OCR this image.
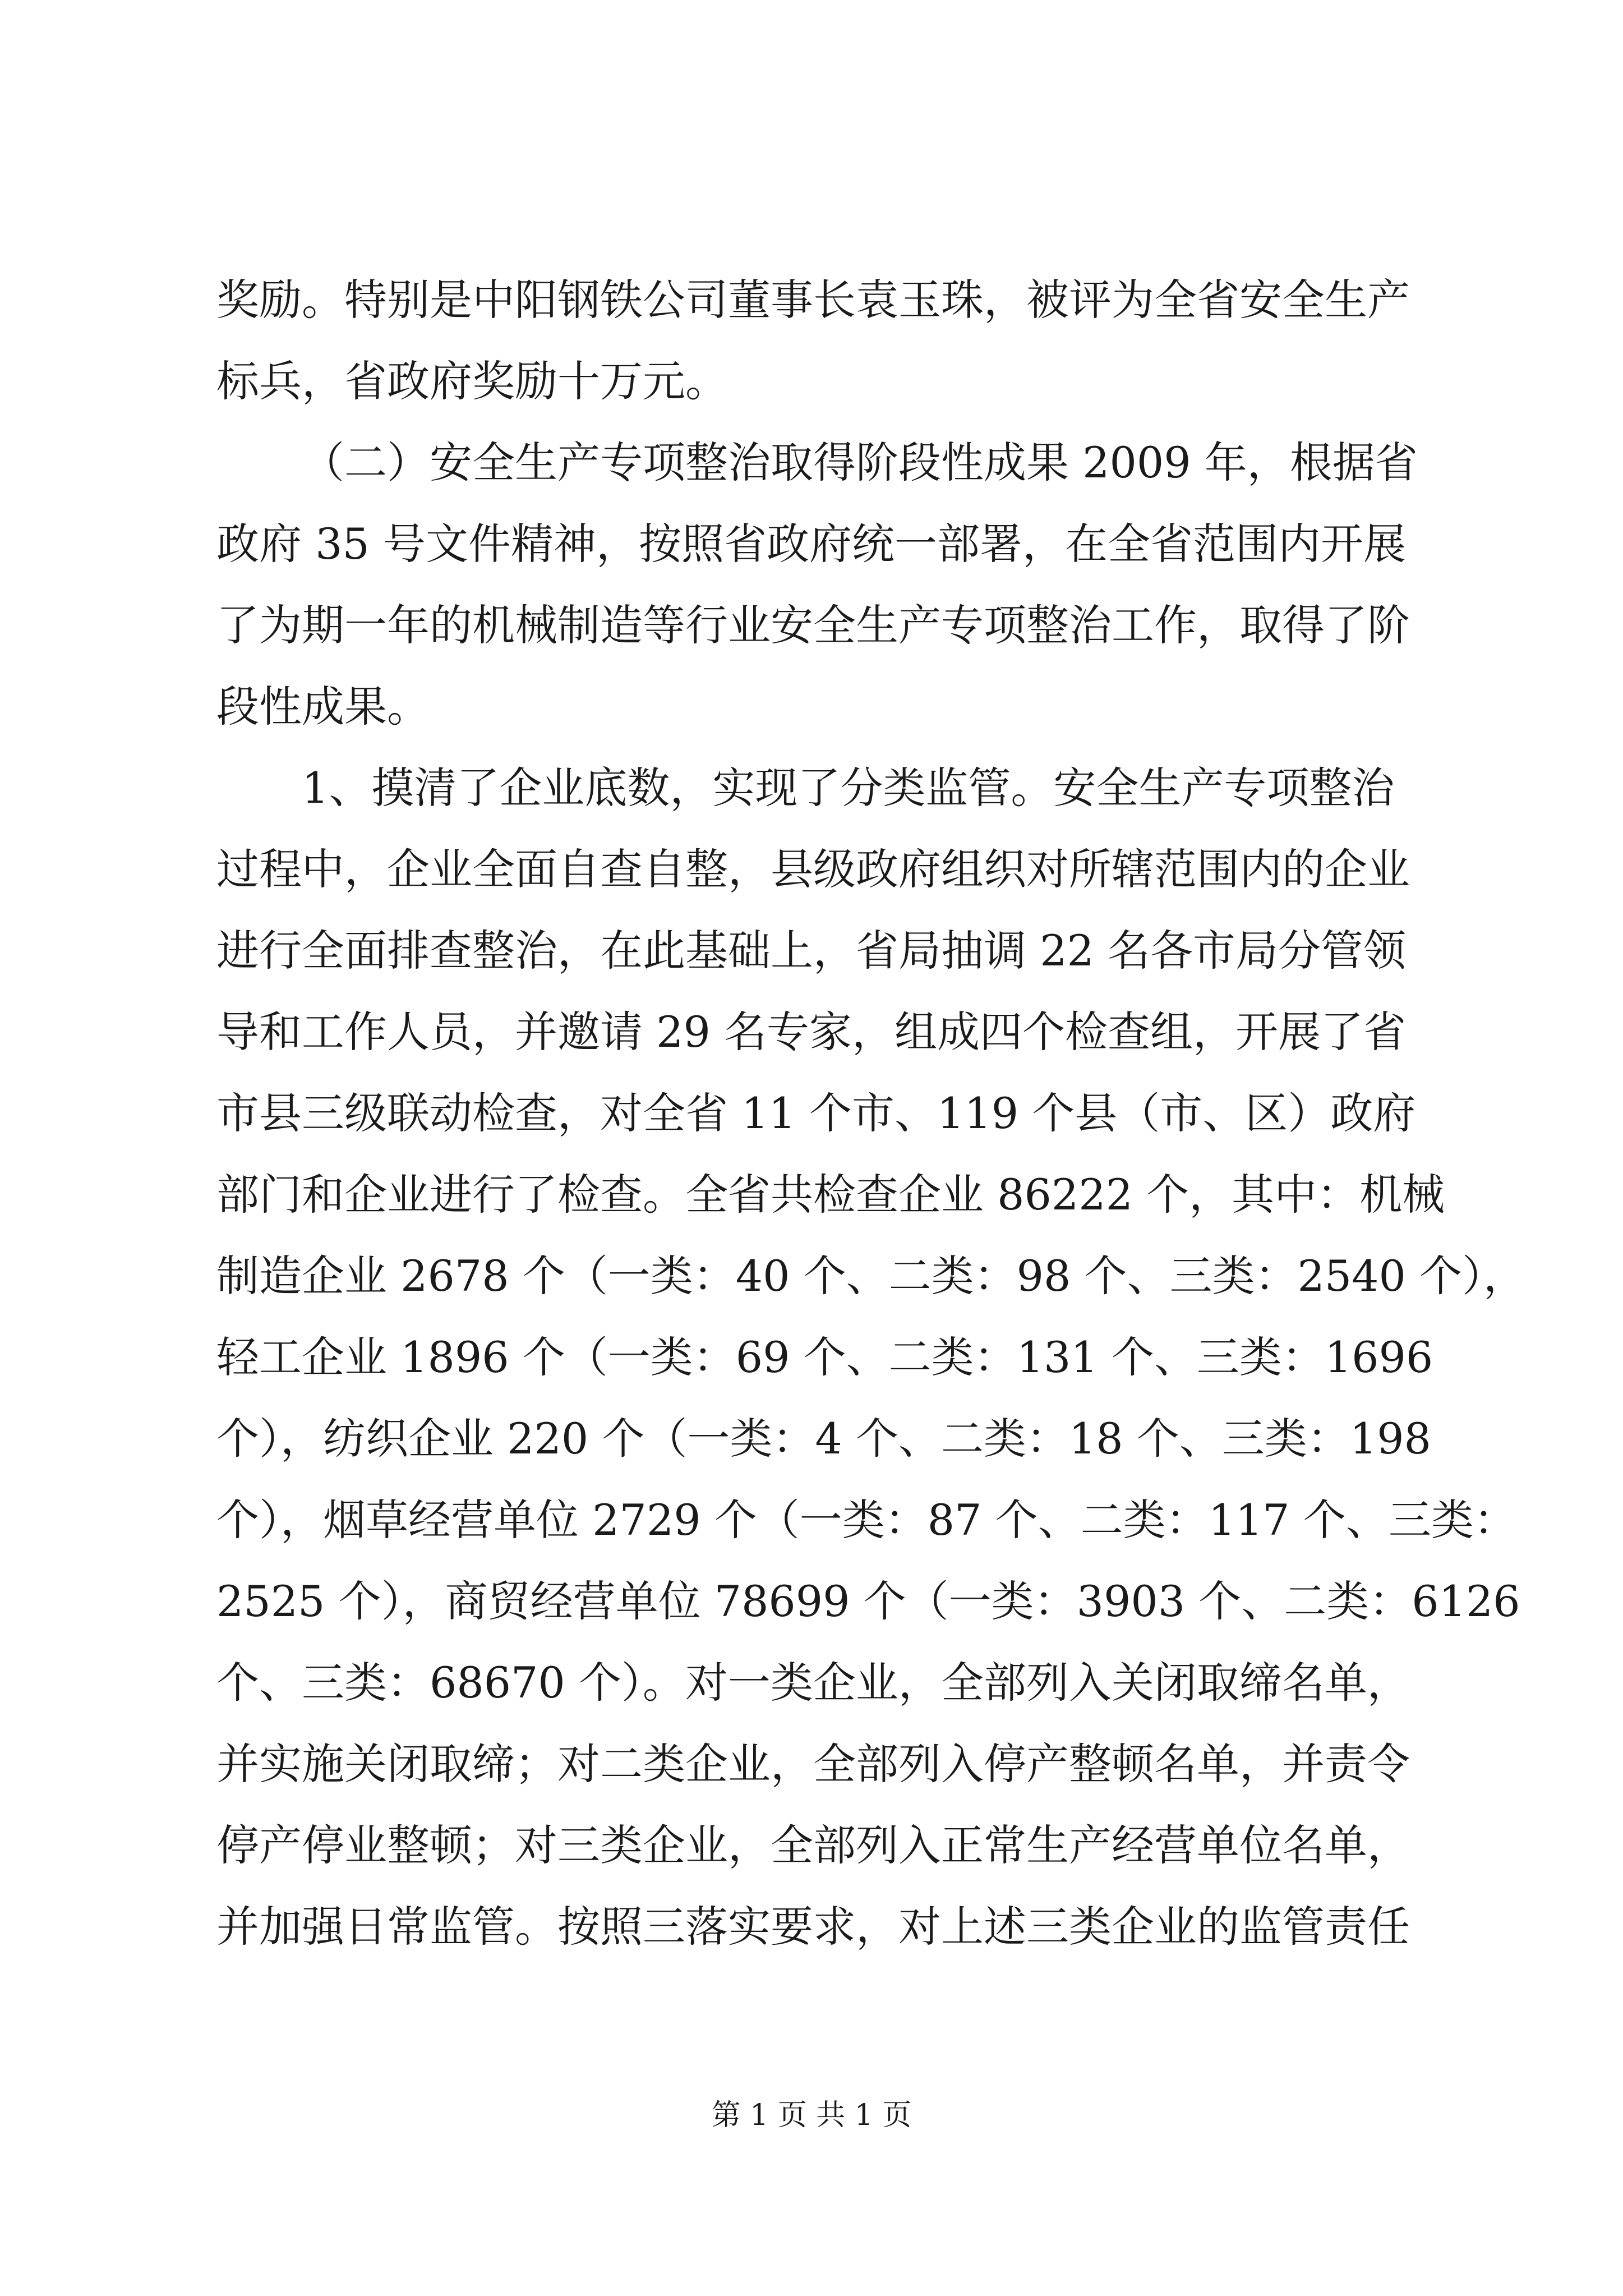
奖励。特别是中阳钢铁公司董事长袁玉珠，被评为全省安全生产
标兵，省政府奖励十万元。
（二）安全生产专项整治取得阶段性成果 2009 年，根据省
政府 35 号文件精神，按照省政府统一部署，在全省范围内开展
了为期一年的机械制造等行业安全生产专项整治工作，取得了阶
段性成果。
1、摸清了企业底数，实现了分类监管。安全生产专项整治
过程中，企业全面自查自整，县级政府组织对所辖范围内的企业
进行全面排查整治，在此基础上，省局抽调 22 名各市局分管领
导和工作人员，并邀请 29 名专家，组成四个检查组，开展了省
市县三级联动检查，对全省 11 个市、119 个县（市、区）政府
部门和企业进行了检查。全省共检查企业 86222 个，其中：机械
制造企业 2678 个（一类：40 个、二类：98 个、三类：2540 个），
轻工企业 1896 个（一类：69 个、二类：131 个、三类：1696
个），纺织企业 220 个（一类：4 个、二类：18 个、三类：198
个），烟草经营单位 2729 个（一类：87 个、二类：117 个、三类：
2525 个），商贸经营单位 78699 个（一类：3903 个、二类：6126
个、三类：68670 个）。对一类企业，全部列入关闭取缔名单，
并实施关闭取缔；对二类企业，全部列入停产整顿名单，并责令
停产停业整顿；对三类企业，全部列入正常生产经营单位名单，
并加强日常监管。按照三落实要求，对上述三类企业的监管责任
第 1 页 共 1 页
